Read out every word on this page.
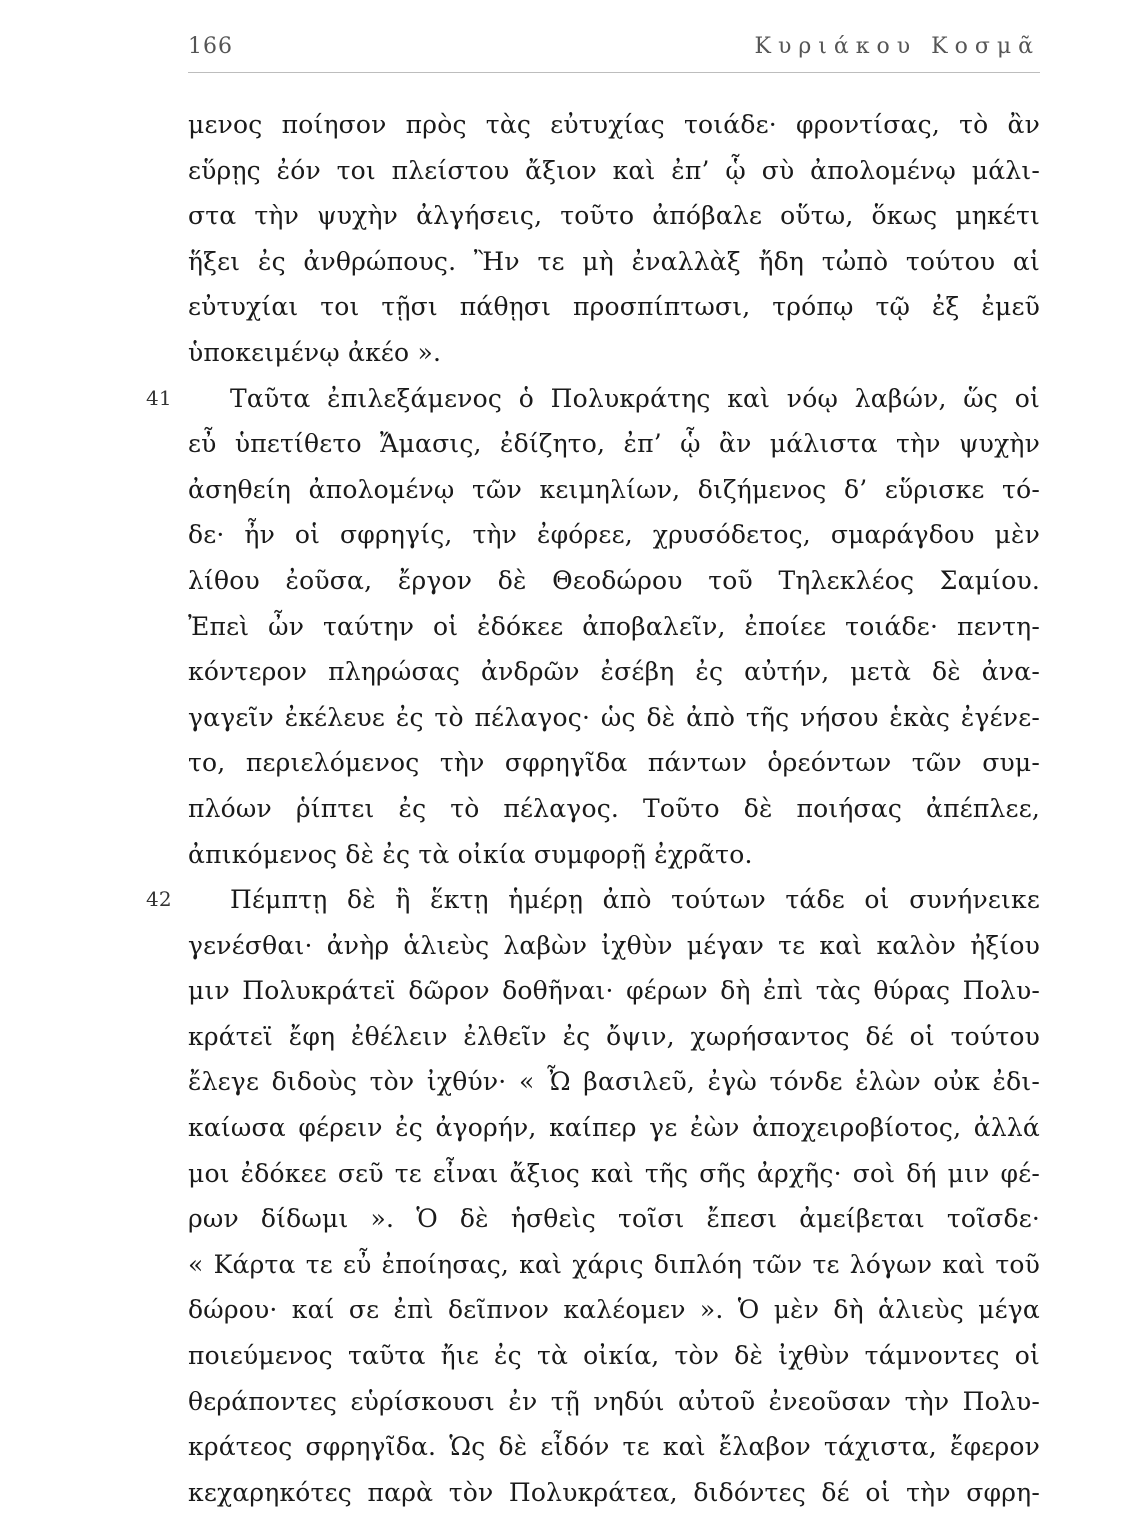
166	Κυριάκου Κοσμᾶ
μενος ποίησον πρὸς τὰς εὐτυχίας τοιάδε· φροντίσας, τὸ ἂν
εὕρῃς ἐόν τοι πλείστου ἄξιον καὶ ἐπ’ ᾧ σὺ ἀπολομένῳ μάλι-
στα τὴν ψυχὴν ἀλγήσεις, τοῦτο ἀπόβαλε οὕτω, ὅκως μηκέτι
ἥξει ἐς ἀνθρώπους. Ἢν τε μὴ ἐναλλὰξ ἤδη τὠπὸ τούτου αἱ
εὐτυχίαι τοι τῇσι πάθῃσι προσπίπτωσι, τρόπῳ τῷ ἐξ ἐμεῦ
ὑποκειμένῳ ἀκέο ».
41 Ταῦτα ἐπιλεξάμενος ὁ Πολυκράτης καὶ νόῳ λαβών, ὥς οἱ
εὖ ὑπετίθετο Ἄμασις, ἐδίζητο, ἐπ’ ᾧ ἂν μάλιστα τὴν ψυχὴν
ἀσηθείη ἀπολομένῳ τῶν κειμηλίων, διζήμενος δ’ εὕρισκε τό-
δε· ἦν οἱ σφρηγίς, τὴν ἐφόρεε, χρυσόδετος, σμαράγδου μὲν
λίθου ἐοῦσα, ἔργον δὲ Θεοδώρου τοῦ Τηλεκλέος Σαμίου.
Ἐπεὶ ὦν ταύτην οἱ ἐδόκεε ἀποβαλεῖν, ἐποίεε τοιάδε· πεντη-
κόντερον πληρώσας ἀνδρῶν ἐσέβη ἐς αὐτήν, μετὰ δὲ ἀνα-
γαγεῖν ἐκέλευε ἐς τὸ πέλαγος· ὡς δὲ ἀπὸ τῆς νήσου ἑκὰς ἐγένε-
το, περιελόμενος τὴν σφρηγῖδα πάντων ὁρεόντων τῶν συμ-
πλόων ῥίπτει ἐς τὸ πέλαγος. Τοῦτο δὲ ποιήσας ἀπέπλεε,
ἀπικόμενος δὲ ἐς τὰ οἰκία συμφορῇ ἐχρᾶτο.
42 Πέμπτῃ δὲ ἢ ἕκτῃ ἡμέρῃ ἀπὸ τούτων τάδε οἱ συνήνεικε
γενέσθαι· ἀνὴρ ἁλιεὺς λαβὼν ἰχθὺν μέγαν τε καὶ καλὸν ἠξίου
μιν Πολυκράτεϊ δῶρον δοθῆναι· φέρων δὴ ἐπὶ τὰς θύρας Πολυ-
κράτεϊ ἔφη ἐθέλειν ἐλθεῖν ἐς ὄψιν, χωρήσαντος δέ οἱ τούτου
ἔλεγε διδοὺς τὸν ἰχθύν· « Ὦ βασιλεῦ, ἐγὼ τόνδε ἑλὼν οὐκ ἐδι-
καίωσα φέρειν ἐς ἀγορήν, καίπερ γε ἐὼν ἀποχειροβίοτος, ἀλλά
μοι ἐδόκεε σεῦ τε εἶναι ἄξιος καὶ τῆς σῆς ἀρχῆς· σοὶ δή μιν φέ-
ρων δίδωμι ». Ὁ δὲ ἡσθεὶς τοῖσι ἔπεσι ἀμείβεται τοῖσδε·
« Κάρτα τε εὖ ἐποίησας, καὶ χάρις διπλόη τῶν τε λόγων καὶ τοῦ
δώρου· καί σε ἐπὶ δεῖπνον καλέομεν ». Ὁ μὲν δὴ ἁλιεὺς μέγα
ποιεύμενος ταῦτα ἤιε ἐς τὰ οἰκία, τὸν δὲ ἰχθὺν τάμνοντες οἱ
θεράποντες εὑρίσκουσι ἐν τῇ νηδύι αὐτοῦ ἐνεοῦσαν τὴν Πολυ-
κράτεος σφρηγῖδα. Ὡς δὲ εἶδόν τε καὶ ἔλαβον τάχιστα, ἔφερον
κεχαρηκότες παρὰ τὸν Πολυκράτεα, διδόντες δέ οἱ τὴν σφρη-
